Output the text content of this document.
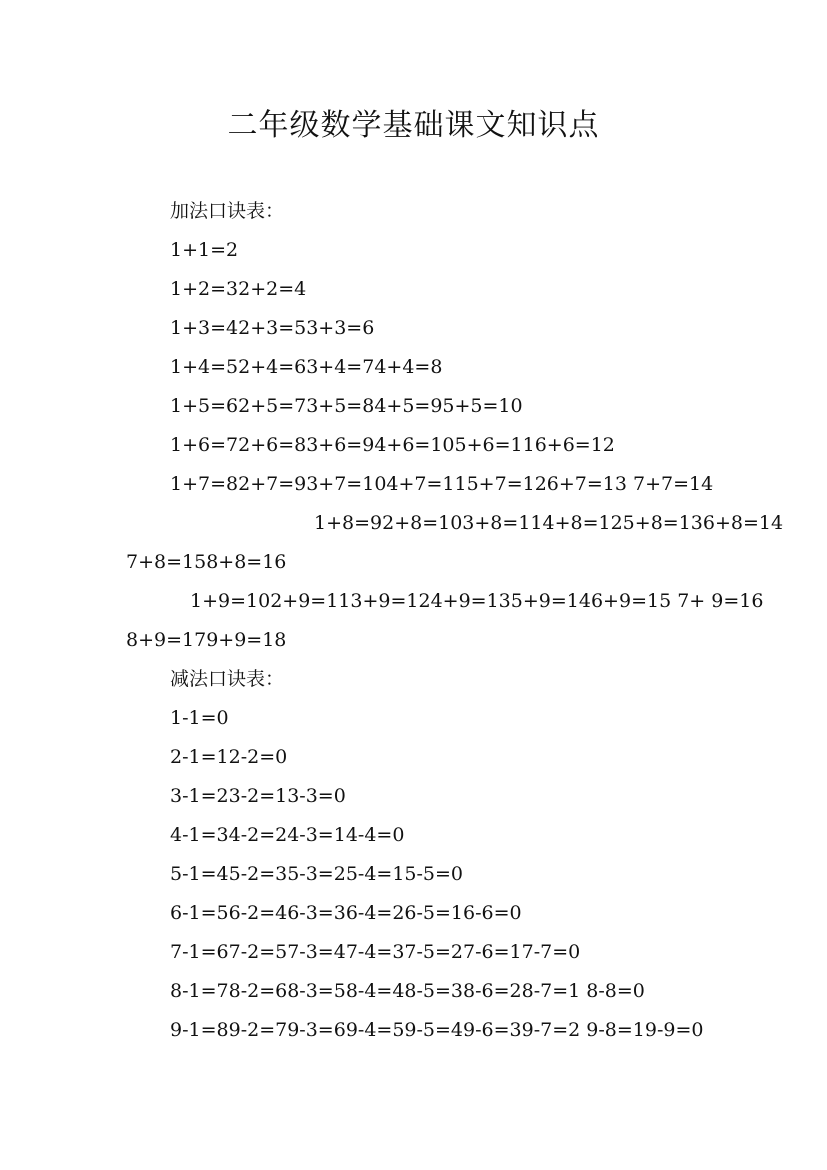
二年级数学基础课文知识点
加法口诀表：
1+1=2
1+2=32+2=4
1+3=42+3=53+3=6
1+4=52+4=63+4=74+4=8
1+5=62+5=73+5=84+5=95+5=10
1+6=72+6=83+6=94+6=105+6=116+6=12
1+7=82+7=93+7=104+7=115+7=126+7=13 7+7=14
1+8=92+8=103+8=114+8=125+8=136+8=14
7+8=158+8=16
1+9=102+9=113+9=124+9=135+9=146+9=15 7+ 9=16
8+9=179+9=18
减法口诀表：
1-1=0
2-1=12-2=0
3-1=23-2=13-3=0
4-1=34-2=24-3=14-4=0
5-1=45-2=35-3=25-4=15-5=0
6-1=56-2=46-3=36-4=26-5=16-6=0
7-1=67-2=57-3=47-4=37-5=27-6=17-7=0
8-1=78-2=68-3=58-4=48-5=38-6=28-7=1 8-8=0
9-1=89-2=79-3=69-4=59-5=49-6=39-7=2 9-8=19-9=0
